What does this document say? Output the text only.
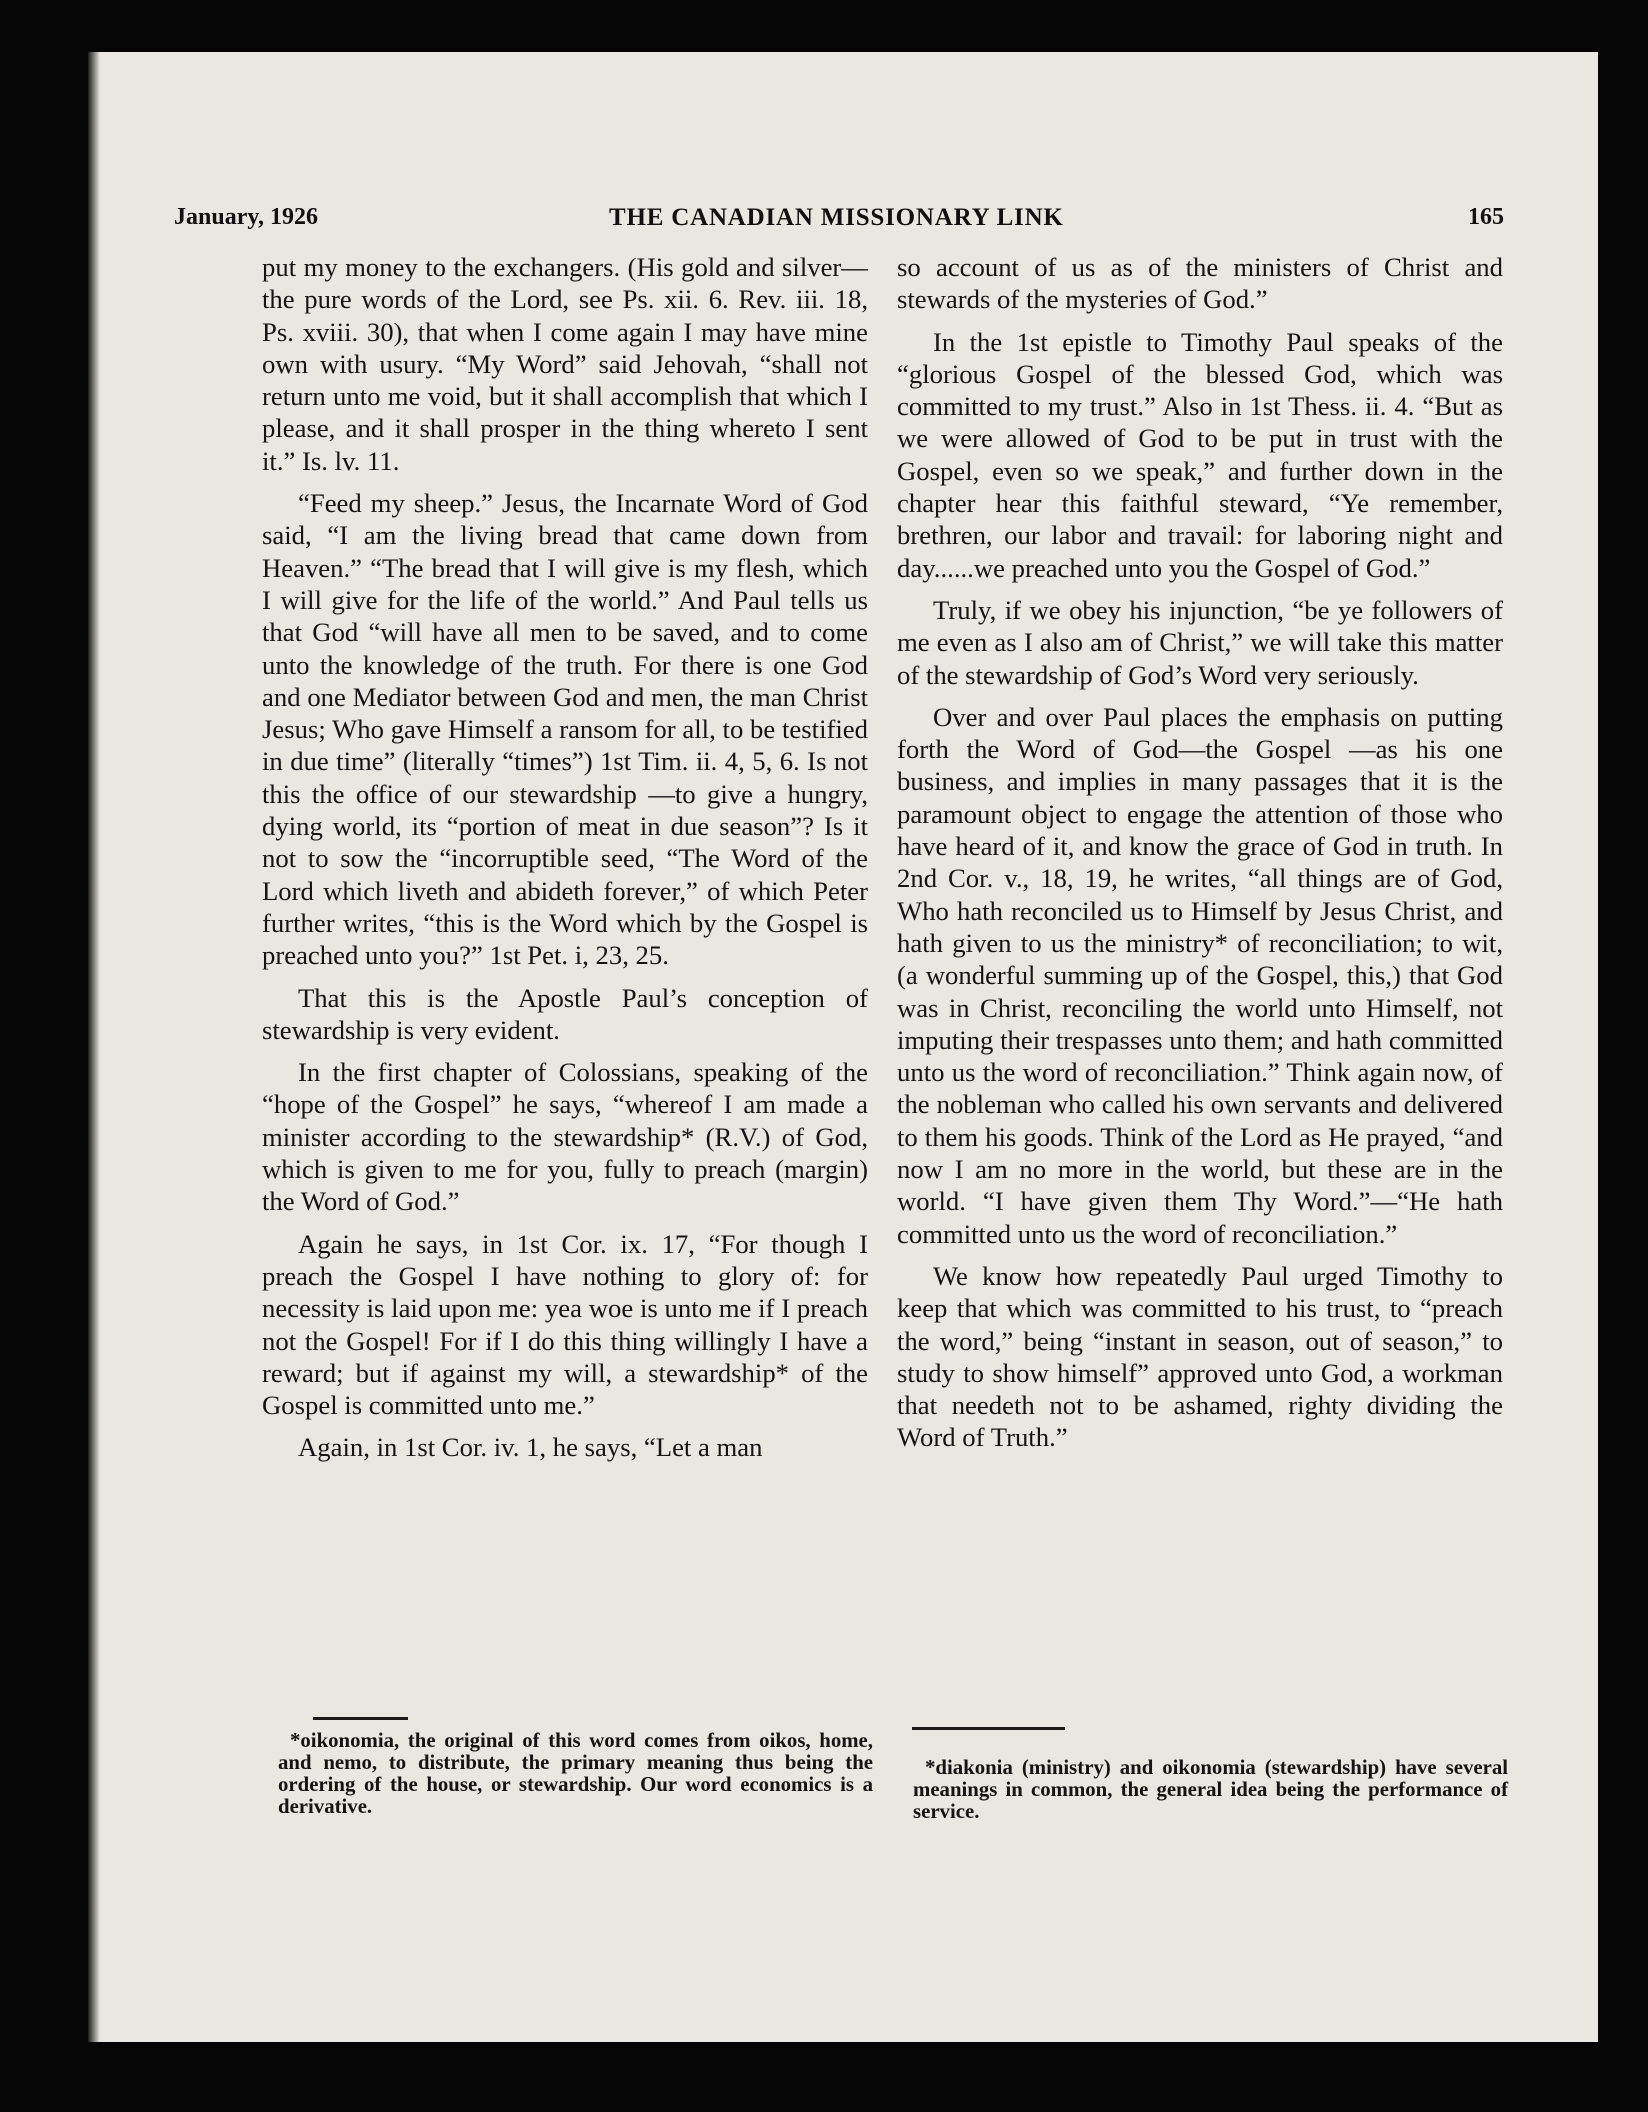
January, 1926	THE CANADIAN MISSIONARY LINK	165

put my money to the exchangers. (His gold and silver—the pure words of the Lord, see Ps. xii. 6. Rev. iii. 18, Ps. xviii. 30), that when I come again I may have mine own with usury. “My Word” said Jehovah, “shall not return unto me void, but it shall accomplish that which I please, and it shall prosper in the thing whereto I sent it.” Is. lv. 11.

“Feed my sheep.” Jesus, the Incarnate Word of God said, “I am the living bread that came down from Heaven.” “The bread that I will give is my flesh, which I will give for the life of the world.” And Paul tells us that God “will have all men to be saved, and to come unto the knowledge of the truth. For there is one God and one Mediator between God and men, the man Christ Jesus; Who gave Himself a ransom for all, to be testified in due time” (literally “times”) 1st Tim. ii. 4, 5, 6. Is not this the office of our stewardship —to give a hungry, dying world, its “portion of meat in due season”? Is it not to sow the “incorruptible seed, “The Word of the Lord which liveth and abideth forever,” of which Peter further writes, “this is the Word which by the Gospel is preached unto you?” 1st Pet. i, 23, 25.

That this is the Apostle Paul’s conception of stewardship is very evident.

In the first chapter of Colossians, speaking of the “hope of the Gospel” he says, “whereof I am made a minister according to the stewardship* (R.V.) of God, which is given to me for you, fully to preach (margin) the Word of God.”

Again he says, in 1st Cor. ix. 17, “For though I preach the Gospel I have nothing to glory of: for necessity is laid upon me: yea woe is unto me if I preach not the Gospel! For if I do this thing willingly I have a reward; but if against my will, a stewardship* of the Gospel is committed unto me.”

Again, in 1st Cor. iv. 1, he says, “Let a man

so account of us as of the ministers of Christ and stewards of the mysteries of God.”

In the 1st epistle to Timothy Paul speaks of the “glorious Gospel of the blessed God, which was committed to my trust.” Also in 1st Thess. ii. 4. “But as we were allowed of God to be put in trust with the Gospel, even so we speak,” and further down in the chapter hear this faithful steward, “Ye remember, brethren, our labor and travail: for laboring night and day......we preached unto you the Gospel of God.”

Truly, if we obey his injunction, “be ye followers of me even as I also am of Christ,” we will take this matter of the stewardship of God’s Word very seriously.

Over and over Paul places the emphasis on putting forth the Word of God—the Gospel —as his one business, and implies in many passages that it is the paramount object to engage the attention of those who have heard of it, and know the grace of God in truth. In 2nd Cor. v., 18, 19, he writes, “all things are of God, Who hath reconciled us to Himself by Jesus Christ, and hath given to us the ministry* of reconciliation; to wit, (a wonderful summing up of the Gospel, this,) that God was in Christ, reconciling the world unto Himself, not imputing their trespasses unto them; and hath committed unto us the word of reconciliation.” Think again now, of the nobleman who called his own servants and delivered to them his goods. Think of the Lord as He prayed, “and now I am no more in the world, but these are in the world. “I have given them Thy Word.”—“He hath committed unto us the word of reconciliation.”

We know how repeatedly Paul urged Timothy to keep that which was committed to his trust, to “preach the word,” being “instant in season, out of season,” to study to show himself” approved unto God, a workman that needeth not to be ashamed, righty dividing the Word of Truth.”

*oikonomia, the original of this word comes from oikos, home, and nemo, to distribute, the primary meaning thus being the ordering of the house, or stewardship. Our word economics is a derivative.

*diakonia (ministry) and oikonomia (stewardship) have several meanings in common, the general idea being the performance of service.
